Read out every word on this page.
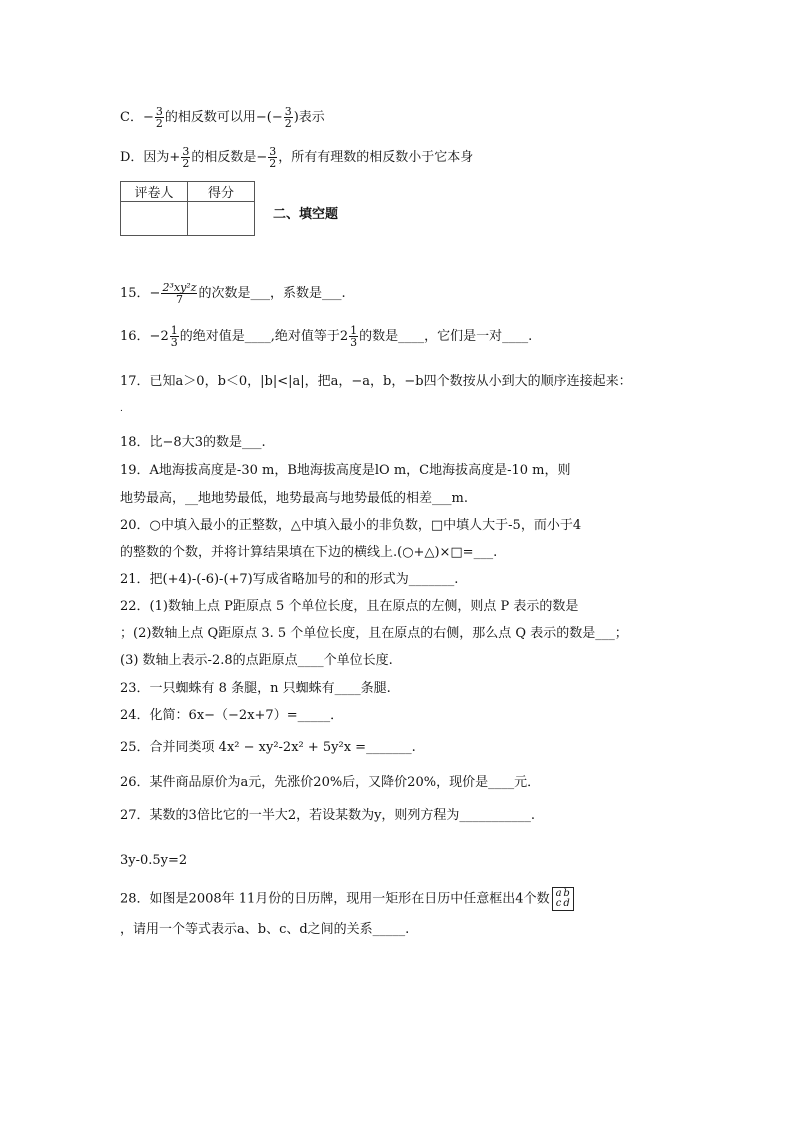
C．− $\frac{3}{2}$ 的相反数可以用−(− $\frac{3}{2}$ )表示
D．因为+ $\frac{3}{2}$ 的相反数是− $\frac{3}{2}$ ，所有有理数的相反数小于它本身
评卷人	得分

二、填空题
15．− $\frac{\text{2³xy²z}}{7}$ 的次数是___，系数是___.
16．$-2 \frac{1}{3}$ 的绝对值是____,绝对值等于$2 \frac{1}{3}$ 的数是____，它们是一对____.
17．已知a＞0，b＜0，|b|<|a|，把a，−a，b，−b四个数按从小到大的顺序连接起来：
.
18．比−8大3的数是___.
19．A地海拔高度是-30 m，B地海拔高度是lO m，C地海拔高度是-10 m，则
地势最高，__地地势最低，地势最高与地势最低的相差___m.
20．○中填入最小的正整数，△中填入最小的非负数，□中填人大于-5，而小于4
的整数的个数，并将计算结果填在下边的横线上.(○+△)×□=___.
21．把(+4)-(-6)-(+7)写成省略加号的和的形式为_______.
22．(1)数轴上点 P距原点 5 个单位长度，且在原点的左侧，则点 P 表示的数是
；(2)数轴上点 Q距原点 3. 5 个单位长度，且在原点的右侧，那么点 Q 表示的数是___；
(3) 数轴上表示-2.8的点距原点____个单位长度.
23．一只蜘蛛有 8 条腿，n 只蜘蛛有____条腿.
24．化简：6x−（−2x+7）=_____．
25．合并同类项 4x² − xy²-2x² + 5y²x =_______.
26．某件商品原价为a元，先涨价20%后，又降价20%，现价是____元．
27．某数的3倍比它的一半大2，若设某数为y，则列方程为___________.
3y-0.5y=2
28．如图是2008年 11月份的日历牌，现用一矩形在日历中任意框出4个数 a b
c d
，请用一个等式表示a、b、c、d之间的关系_____.
